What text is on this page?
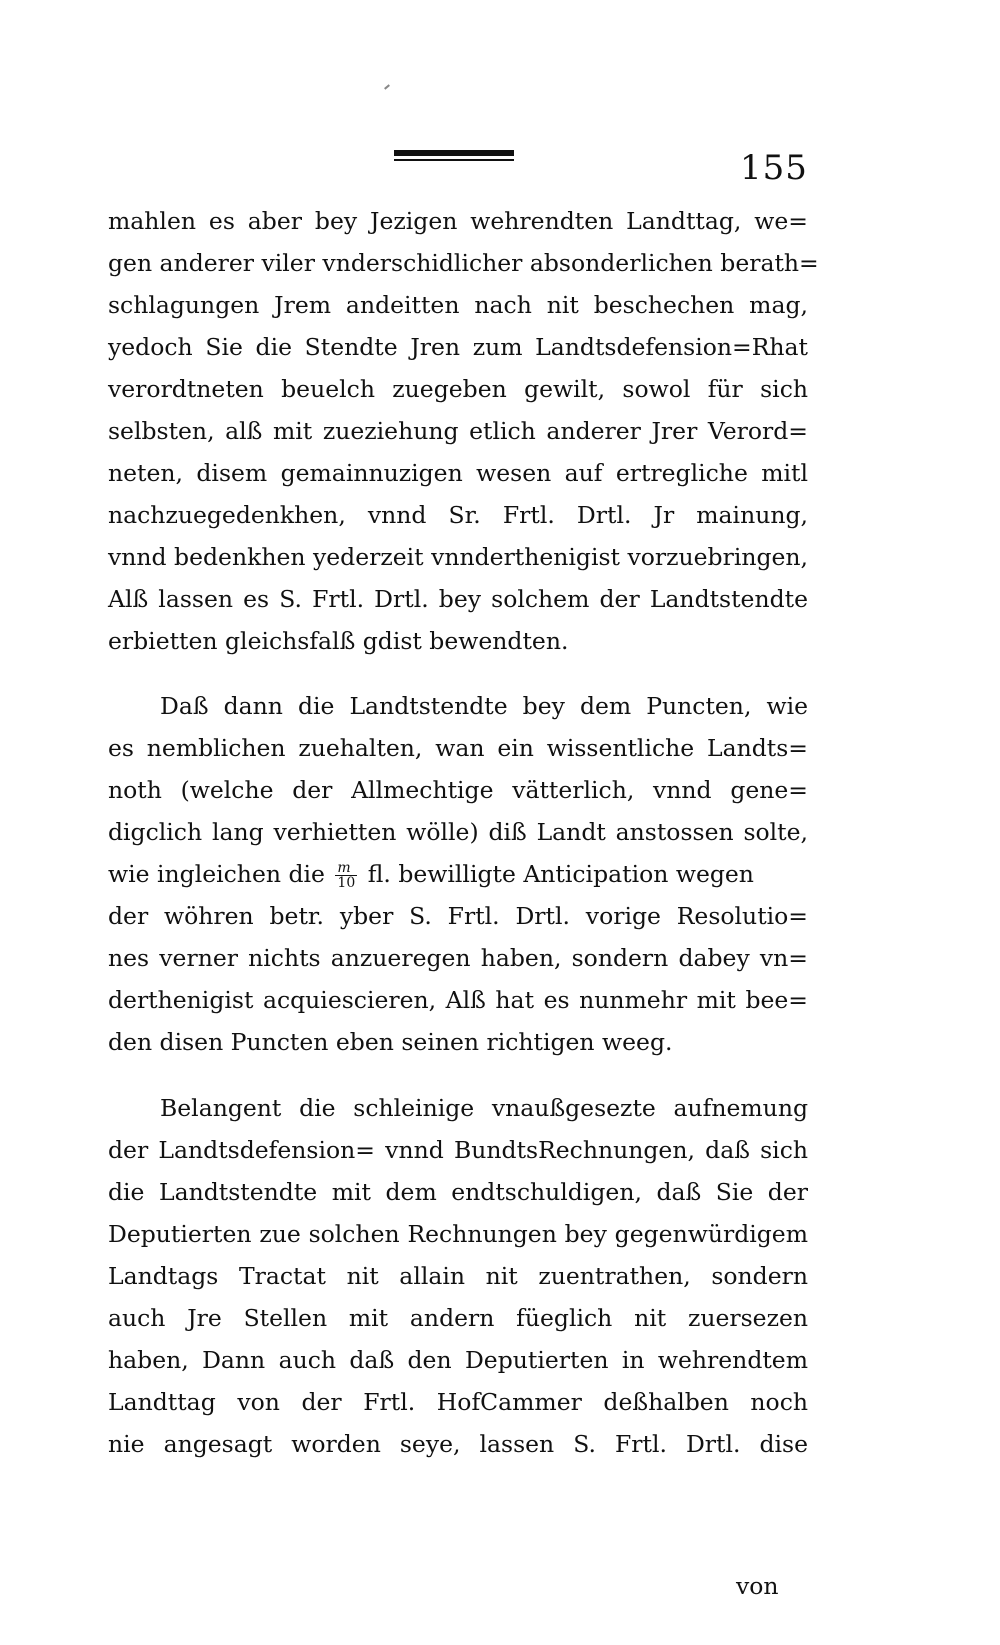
155
mahlen es aber bey Jezigen wehrendten Landttag, we=
gen anderer viler vnderschidlicher absonderlichen berath=
schlagungen Jrem andeitten nach nit beschechen mag,
yedoch Sie die Stendte Jren zum Landtsdefension=Rhat
verordtneten beuelch zuegeben gewilt, sowol für sich
selbsten, alß mit zueziehung etlich anderer Jrer Verord=
neten, disem gemainnuzigen wesen auf ertregliche mitl
nachzuegedenkhen, vnnd Sr. Frtl. Drtl. Jr mainung,
vnnd bedenkhen yederzeit vnnderthenigist vorzuebringen,
Alß lassen es S. Frtl. Drtl. bey solchem der Landtstendte
erbietten gleichsfalß gdist bewendten.
Daß dann die Landtstendte bey dem Puncten, wie
es nemblichen zuehalten, wan ein wissentliche Landts=
noth (welche der Allmechtige vätterlich, vnnd gene=
digclich lang verhietten wölle) diß Landt anstossen solte,
wie ingleichen die $\frac{m}{10}$ fl. bewilligte Anticipation wegen
der wöhren betr. yber S. Frtl. Drtl. vorige Resolutio=
nes verner nichts anzueregen haben, sondern dabey vn=
derthenigist acquiescieren, Alß hat es nunmehr mit bee=
den disen Puncten eben seinen richtigen weeg.
Belangent die schleinige vnaußgesezte aufnemung
der Landtsdefension= vnnd BundtsRechnungen, daß sich
die Landtstendte mit dem endtschuldigen, daß Sie der
Deputierten zue solchen Rechnungen bey gegenwürdigem
Landtags Tractat nit allain nit zuentrathen, sondern
auch Jre Stellen mit andern füeglich nit zuersezen
haben, Dann auch daß den Deputierten in wehrendtem
Landttag von der Frtl. HofCammer deßhalben noch
nie angesagt worden seye, lassen S. Frtl. Drtl. dise
von
